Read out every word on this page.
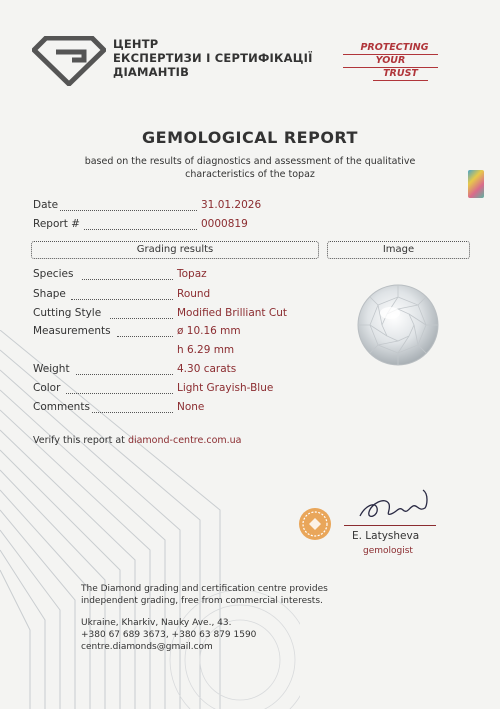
ЦЕНТР
ЕКСПЕРТИЗИ І СЕРТИФІКАЦІЇ
ДІАМАНТІВ
PROTECTING
YOUR
TRUST
GEMOLOGICAL REPORT
based on the results of diagnostics and assessment of the qualitative
characteristics of the topaz
Date	31.01.2026
Report #	0000819
Grading results	Image
Species	Topaz
Shape	Round
Cutting Style	Modified Brilliant Cut
Measurements	ø 10.16 mm
h 6.29 mm
Weight	4.30 carats
Color	Light Grayish-Blue
Comments	None
Verify this report at diamond-centre.com.ua
E. Latysheva
gemologist
The Diamond grading and certification centre provides
independent grading, free from commercial interests.
Ukraine, Kharkiv, Nauky Ave., 43.
+380 67 689 3673, +380 63 879 1590
centre.diamonds@gmail.com
